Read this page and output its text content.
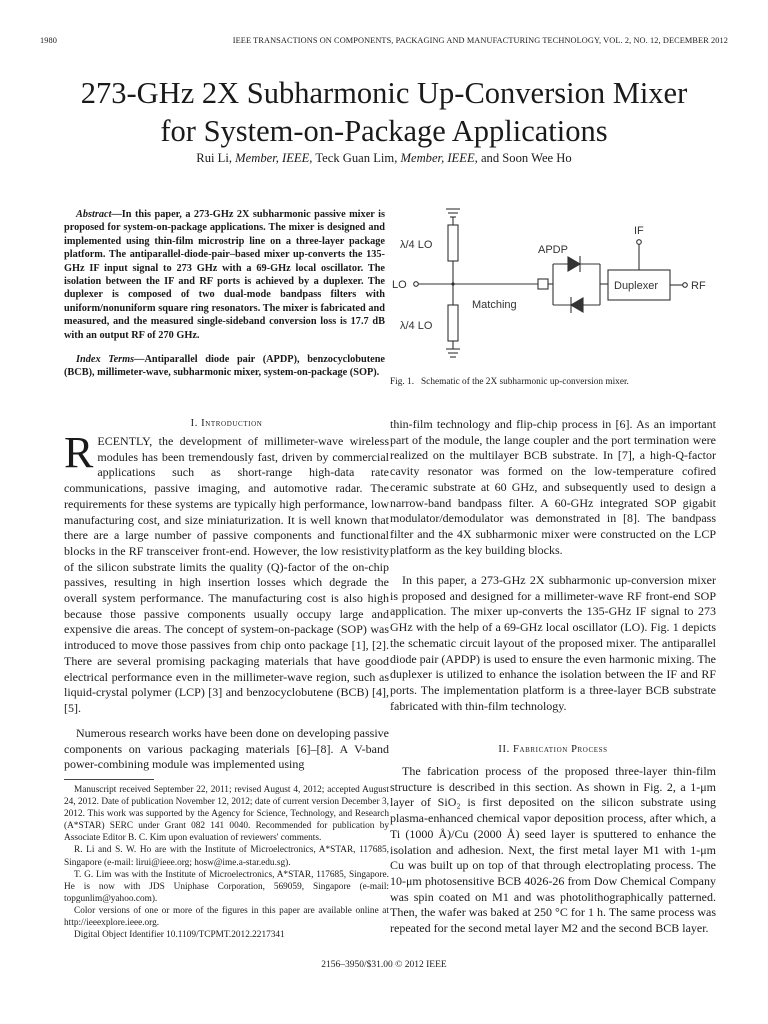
1980	IEEE TRANSACTIONS ON COMPONENTS, PACKAGING AND MANUFACTURING TECHNOLOGY, VOL. 2, NO. 12, DECEMBER 2012
273-GHz 2X Subharmonic Up-Conversion Mixer
for System-on-Package Applications
Rui Li, Member, IEEE, Teck Guan Lim, Member, IEEE, and Soon Wee Ho
Abstract—In this paper, a 273-GHz 2X subharmonic passive mixer is proposed for system-on-package applications. The mixer is designed and implemented using thin-film microstrip line on a three-layer package platform. The antiparallel-diode-pair–based mixer up-converts the 135-GHz IF input signal to 273 GHz with a 69-GHz local oscillator. The isolation between the IF and RF ports is achieved by a duplexer. The duplexer is composed of two dual-mode bandpass filters with uniform/nonuniform square ring resonators. The mixer is fabricated and measured, and the measured single-sideband conversion loss is 17.7 dB with an output RF of 270 GHz.
Index Terms—Antiparallel diode pair (APDP), benzocyclobutene (BCB), millimeter-wave, subharmonic mixer, system-on-package (SOP).
λ/4 LO
λ/4 LO
LO
APDP
Matching
IF
Duplexer	RF
Fig. 1. Schematic of the 2X subharmonic up-conversion mixer.
I. Introduction
RECENTLY, the development of millimeter-wave wireless modules has been tremendously fast, driven by commercial applications such as short-range high-data rate communications, passive imaging, and automotive radar. The requirements for these systems are typically high performance, low manufacturing cost, and size miniaturization. It is well known that there are a large number of passive components and functional blocks in the RF transceiver front-end. However, the low resistivity of the silicon substrate limits the quality (Q)-factor of the on-chip passives, resulting in high insertion losses which degrade the overall system performance. The manufacturing cost is also high because those passive components usually occupy large and expensive die areas. The concept of system-on-package (SOP) was introduced to move those passives from chip onto package [1], [2]. There are several promising packaging materials that have good electrical performance even in the millimeter-wave region, such as liquid-crystal polymer (LCP) [3] and benzocyclobutene (BCB) [4], [5].
Numerous research works have been done on developing passive components on various packaging materials [6]–[8]. A V-band power-combining module was implemented using

Manuscript received September 22, 2011; revised August 4, 2012; accepted August 24, 2012. Date of publication November 12, 2012; date of current version December 3, 2012. This work was supported by the Agency for Science, Technology, and Research (A*STAR) SERC under Grant 082 141 0040. Recommended for publication by Associate Editor B. C. Kim upon evaluation of reviewers' comments.

R. Li and S. W. Ho are with the Institute of Microelectronics, A*STAR, 117685, Singapore (e-mail: lirui@ieee.org; hosw@ime.a-star.edu.sg).

T. G. Lim was with the Institute of Microelectronics, A*STAR, 117685, Singapore. He is now with JDS Uniphase Corporation, 569059, Singapore (e-mail: topgunlim@yahoo.com).

Color versions of one or more of the figures in this paper are available online at http://ieeexplore.ieee.org.

Digital Object Identifier 10.1109/TCPMT.2012.2217341

thin-film technology and flip-chip process in [6]. As an important part of the module, the lange coupler and the port termination were realized on the multilayer BCB substrate. In [7], a high-Q-factor cavity resonator was formed on the low-temperature cofired ceramic substrate at 60 GHz, and subsequently used to design a narrow-band bandpass filter. A 60-GHz integrated SOP gigabit modulator/demodulator was demonstrated in [8]. The bandpass filter and the 4X subharmonic mixer were constructed on the LCP platform as the key building blocks.
In this paper, a 273-GHz 2X subharmonic up-conversion mixer is proposed and designed for a millimeter-wave RF front-end SOP application. The mixer up-converts the 135-GHz IF signal to 273 GHz with the help of a 69-GHz local oscillator (LO). Fig. 1 depicts the schematic circuit layout of the proposed mixer. The antiparallel diode pair (APDP) is used to ensure the even harmonic mixing. The duplexer is utilized to enhance the isolation between the IF and RF ports. The implementation platform is a three-layer BCB substrate fabricated with thin-film technology.
II. Fabrication Process
The fabrication process of the proposed three-layer thin-film structure is described in this section. As shown in Fig. 2, a 1-μm layer of SiO₂ is first deposited on the silicon substrate using plasma-enhanced chemical vapor deposition process, after which, a Ti (1000 Å)/Cu (2000 Å) seed layer is sputtered to enhance the isolation and adhesion. Next, the first metal layer M1 with 1-μm Cu was built up on top of that through electroplating process. The 10-μm photosensitive BCB 4026-26 from Dow Chemical Company was spin coated on M1 and was photolithographically patterned. Then, the wafer was baked at 250 °C for 1 h. The same process was repeated for the second metal layer M2 and the second BCB layer.
2156–3950/$31.00 © 2012 IEEE
